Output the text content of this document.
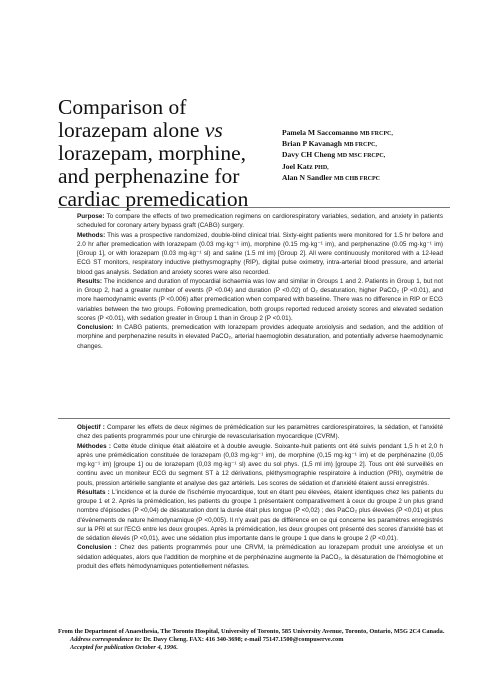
Comparison of lorazepam alone vs lorazepam, morphine, and perphenazine for cardiac premedication
Pamela M Saccomanno MB FRCPC,
Brian P Kavanagh MB FRCPC,
Davy CH Cheng MD MSC FRCPC,
Joel Katz PHD,
Alan N Sandler MB CHB FRCPC

Purpose: To compare the effects of two premedication regimens on cardiorespiratory variables, sedation, and anxiety in patients scheduled for coronary artery bypass graft (CABG) surgery.

Methods: This was a prospective randomized, double-blind clinical trial. Sixty-eight patients were monitored for 1.5 hr before and 2.0 hr after premedication with lorazepam (0.03 mg·kg⁻¹ im), morphine (0.15 mg·kg⁻¹ im), and perphenazine (0.05 mg·kg⁻¹ im) [Group 1], or with lorazepam (0.03 mg·kg⁻¹ sl) and saline (1.5 ml im) [Group 2]. All were continuously monitored with a 12-lead ECG ST monitors, respiratory inductive plethysmography (RIP), digital pulse oximetry, intra-arterial blood pressure, and arterial blood gas analysis. Sedation and anxiety scores were also recorded.

Results: The incidence and duration of myocardial ischaemia was low and similar in Groups 1 and 2. Patients in Group 1, but not in Group 2, had a greater number of events (P <0.04) and duration (P <0.02) of O₂ desaturation, higher PaCO₂ (P <0.01), and more haemodynamic events (P <0.006) after premedication when compared with baseline. There was no difference in RIP or ECG variables between the two groups. Following premedication, both groups reported reduced anxiety scores and elevated sedation scores (P <0.01), with sedation greater in Group 1 than in Group 2 (P <0.01).

Conclusion: In CABG patients, premedication with lorazepam provides adequate anxiolysis and sedation, and the addition of morphine and perphenazine results in elevated PaCO₂, arterial haemoglobin desaturation, and potentially adverse haemodynamic changes.

Objectif : Comparer les effets de deux régimes de prémédication sur les paramètres cardiorespiratoires, la sédation, et l'anxiété chez des patients programmés pour une chirurgie de revascularisation myocardique (CVRM).

Méthodes : Cette étude clinique était aléatoire et à double aveugle. Soixante-huit patients ont été suivis pendant 1,5 h et 2,0 h après une prémédication constituée de lorazepam (0,03 mg·kg⁻¹ im), de morphine (0,15 mg·kg⁻¹ im) et de perphénazine (0,05 mg·kg⁻¹ im) [groupe 1] ou de lorazepam (0,03 mg·kg⁻¹ sl) avec du sol phys. (1,5 ml im) [groupe 2]. Tous ont été surveillés en continu avec un moniteur ECG du segment ST à 12 dérivations, pléthysmographie respiratoire à induction (PRI), oxymétrie de pouls, pression artérielle sanglante et analyse des gaz artériels. Les scores de sédation et d'anxiété étaient aussi enregistrés.

Résultats : L'incidence et la durée de l'ischémie myocardique, tout en étant peu élevées, étaient identiques chez les patients du groupe 1 et 2. Après la prémédication, les patients du groupe 1 présentaient comparativement à ceux du groupe 2 un plus grand nombre d'épisodes (P <0,04) de désaturation dont la durée était plus longue (P <0,02) ; des PaCO₂ plus élevées (P <0,01) et plus d'événements de nature hémodynamique (P <0,005). Il n'y avait pas de différence en ce qui concerne les paramètres enregistrés sur la PRI et sur l'ECG entre les deux groupes. Après la prémédication, les deux groupes ont présenté des scores d'anxiété bas et de sédation élevés (P <0,01), avec une sédation plus importante dans le groupe 1 que dans le groupe 2 (P <0,01).

Conclusion : Chez des patients programmés pour une CRVM, la prémédication au lorazepam produit une anxiolyse et un sédation adéquates, alors que l'addition de morphine et de perphénazine augmente la PaCO₂, la désaturation de l'hémoglobine et produit des effets hémodynamiques potentiellement néfastes.

From the Department of Anaesthesia, The Toronto Hospital, University of Toronto, 585 University Avenue, Toronto, Ontario, M5G 2C4 Canada.

Address correspondence to: Dr. Davy Cheng. FAX: 416 340-3698; e-mail 75147.1500@compuserve.com

Accepted for publication October 4, 1996.
